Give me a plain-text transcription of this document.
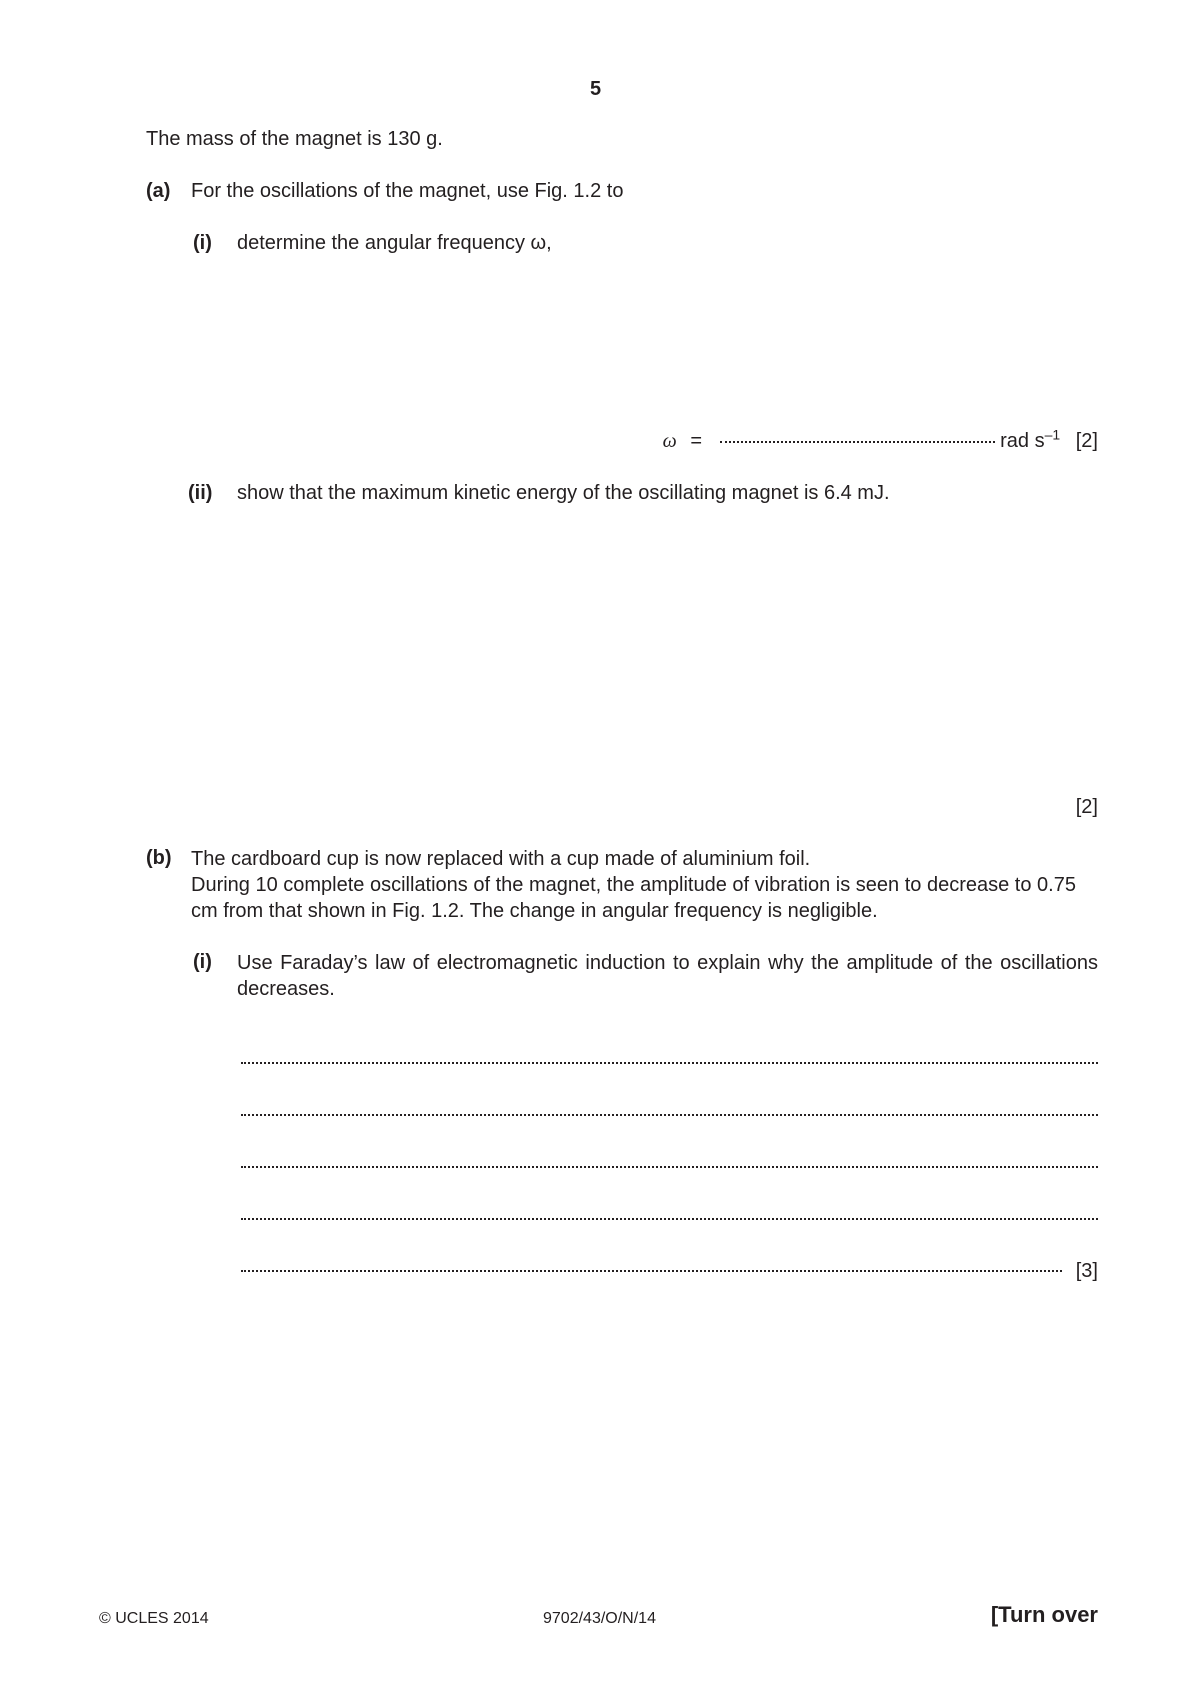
5
The mass of the magnet is 130 g.
(a) For the oscillations of the magnet, use Fig. 1.2 to
(i) determine the angular frequency ω,
ω =	rad $s^{-1}$ [2]
(ii) show that the maximum kinetic energy of the oscillating magnet is 6.4 mJ.
[2]
(b) The cardboard cup is now replaced with a cup made of aluminium foil.

During 10 complete oscillations of the magnet, the amplitude of vibration is seen to decrease to 0.75 cm from that shown in Fig. 1.2. The change in angular frequency is negligible.

(i) Use Faraday’s law of electromagnetic induction to explain why the amplitude of the oscillations decreases.
[3]
© UCLES 2014	9702/43/O/N/14	[Turn over
